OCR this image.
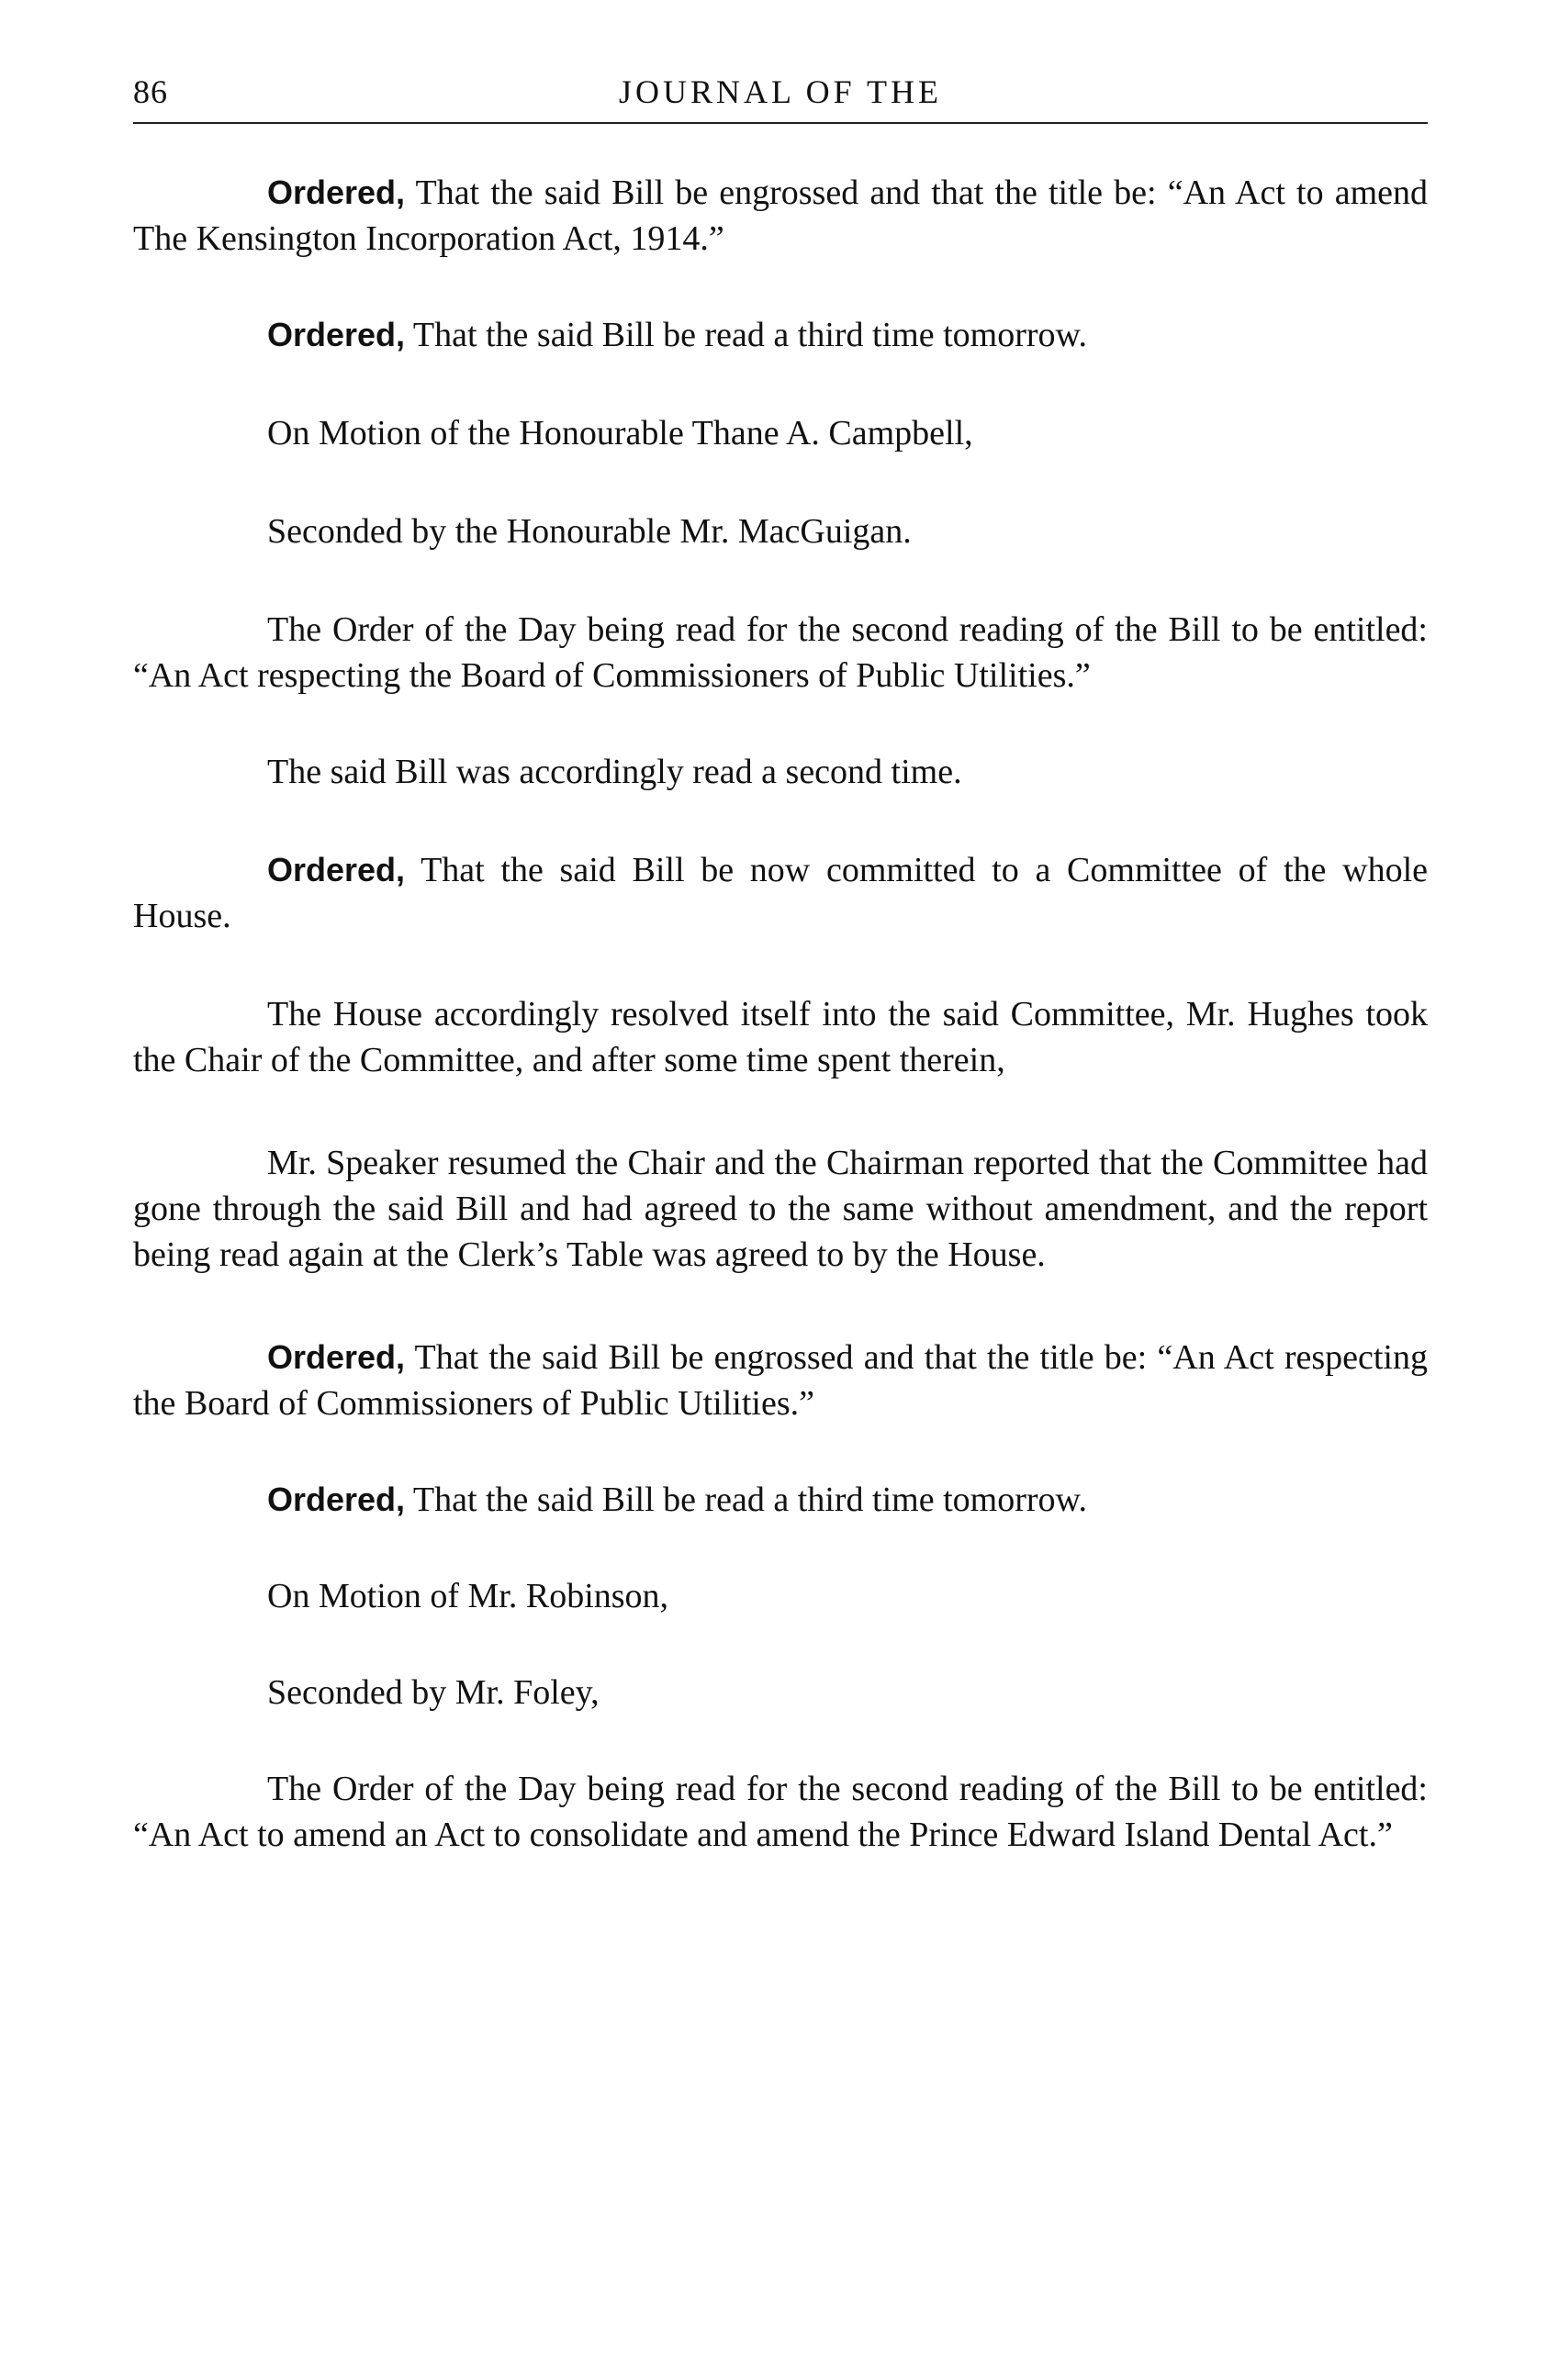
86	JOURNAL OF THE

Ordered, That the said Bill be engrossed and that the title be: “An Act to amend The Kensington Incorporation Act, 1914.”

Ordered, That the said Bill be read a third time tomorrow.

On Motion of the Honourable Thane A. Campbell,

Seconded by the Honourable Mr. MacGuigan.

The Order of the Day being read for the second reading of the Bill to be entitled: “An Act respecting the Board of Commissioners of Public Utilities.”

The said Bill was accordingly read a second time.

Ordered, That the said Bill be now committed to a Committee of the whole House.

The House accordingly resolved itself into the said Committee, Mr. Hughes took the Chair of the Committee, and after some time spent therein,

Mr. Speaker resumed the Chair and the Chairman reported that the Committee had gone through the said Bill and had agreed to the same without amendment, and the report being read again at the Clerk’s Table was agreed to by the House.

Ordered, That the said Bill be engrossed and that the title be: “An Act respecting the Board of Commissioners of Public Utilities.”

Ordered, That the said Bill be read a third time tomorrow.

On Motion of Mr. Robinson,

Seconded by Mr. Foley,

The Order of the Day being read for the second reading of the Bill to be entitled: “An Act to amend an Act to consolidate and amend the Prince Edward Island Dental Act.”
